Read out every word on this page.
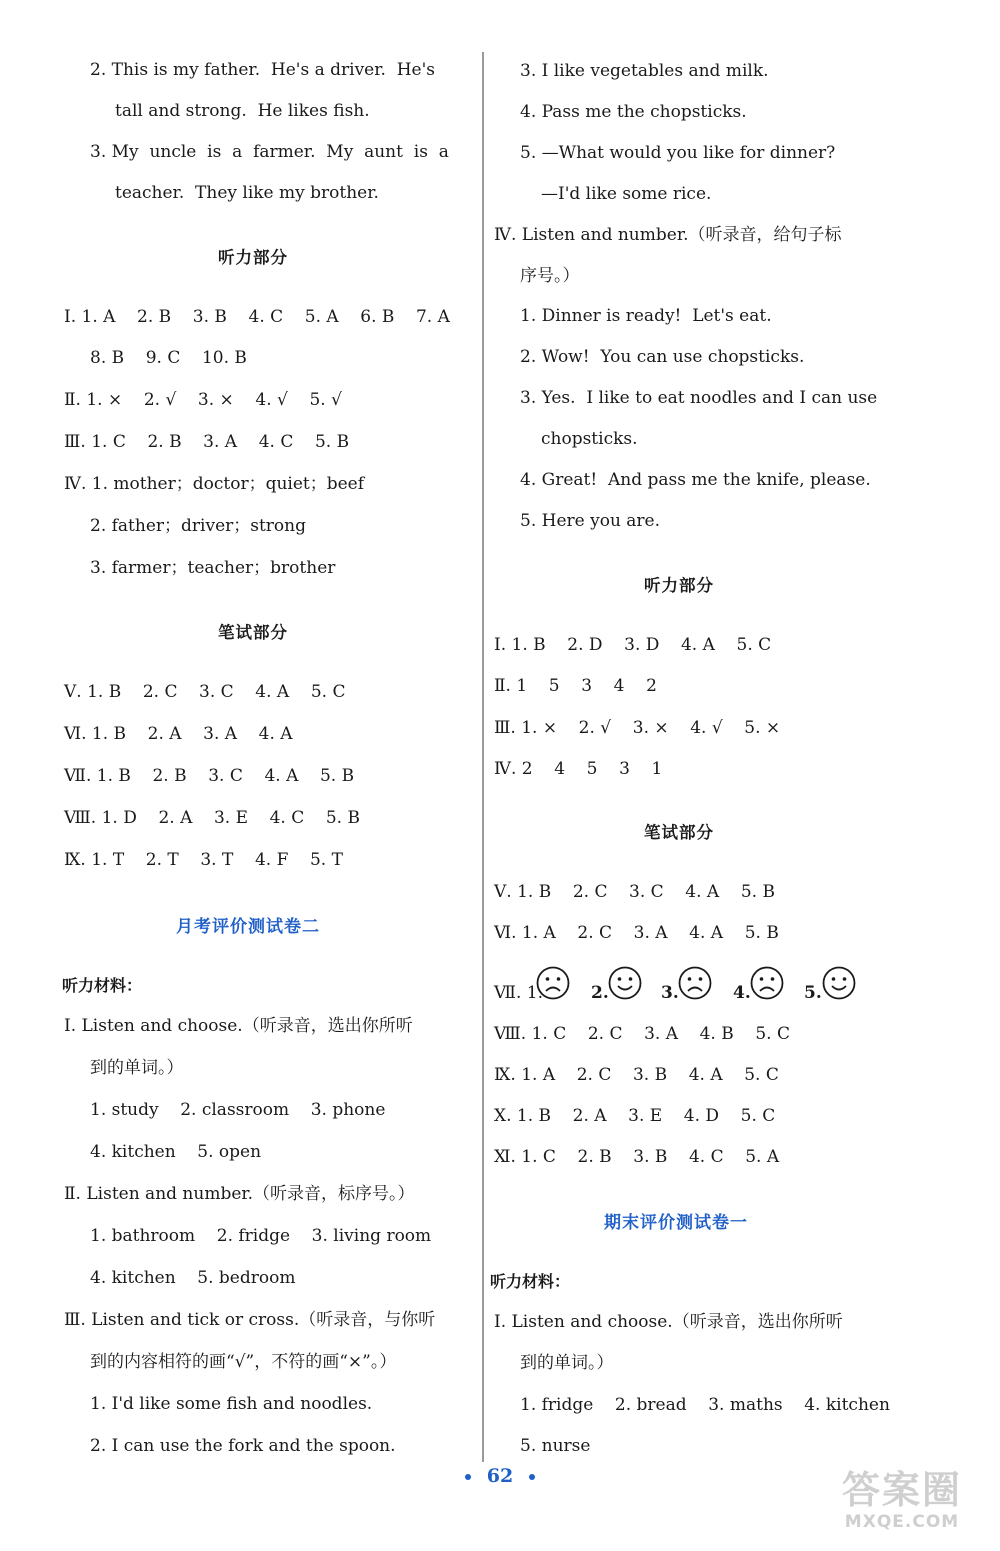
2. This is my father.  He's a driver.  He's
tall and strong.  He likes fish.
3. My  uncle  is  a  farmer.  My  aunt  is  a
teacher.  They like my brother.
听力部分
Ⅰ. 1. A    2. B    3. B    4. C    5. A    6. B    7. A
8. B    9. C    10. B
Ⅱ. 1. ×    2. √    3. ×    4. √    5. √
Ⅲ. 1. C    2. B    3. A    4. C    5. B
Ⅳ. 1. mother；doctor；quiet；beef
2. father；driver；strong
3. farmer；teacher；brother
笔试部分
Ⅴ. 1. B    2. C    3. C    4. A    5. C
Ⅵ. 1. B    2. A    3. A    4. A
Ⅶ. 1. B    2. B    3. C    4. A    5. B
Ⅷ. 1. D    2. A    3. E    4. C    5. B
Ⅸ. 1. T    2. T    3. T    4. F    5. T
月考评价测试卷二
听力材料：
Ⅰ. Listen and choose.（听录音，选出你所听
到的单词。）
1. study    2. classroom    3. phone
4. kitchen    5. open
Ⅱ. Listen and number.（听录音，标序号。）
1. bathroom    2. fridge    3. living room
4. kitchen    5. bedroom
Ⅲ. Listen and tick or cross.（听录音，与你听
到的内容相符的画“√”，不符的画“×”。）
1. I'd like some fish and noodles.
2. I can use the fork and the spoon.
3. I like vegetables and milk.
4. Pass me the chopsticks.
5. —What would you like for dinner?
—I'd like some rice.
Ⅳ. Listen and number.（听录音，给句子标
序号。）
1. Dinner is ready!  Let's eat.
2. Wow!  You can use chopsticks.
3. Yes.  I like to eat noodles and I can use
chopsticks.
4. Great!  And pass me the knife, please.
5. Here you are.
听力部分
Ⅰ. 1. B    2. D    3. D    4. A    5. C
Ⅱ. 1    5    3    4    2
Ⅲ. 1. ×    2. √    3. ×    4. √    5. ×
Ⅳ. 2    4    5    3    1
笔试部分
Ⅴ. 1. B    2. C    3. C    4. A    5. B
Ⅵ. 1. A    2. C    3. A    4. A    5. B
Ⅶ. 1.	2.	3.	4.	5.
Ⅷ. 1. C    2. C    3. A    4. B    5. C
Ⅸ. 1. A    2. C    3. B    4. A    5. C
Ⅹ. 1. B    2. A    3. E    4. D    5. C
Ⅺ. 1. C    2. B    3. B    4. C    5. A
期末评价测试卷一
听力材料：
Ⅰ. Listen and choose.（听录音，选出你所听
到的单词。）
1. fridge    2. bread    3. maths    4. kitchen
5. nurse
62	答案圈
MXQE.COM
